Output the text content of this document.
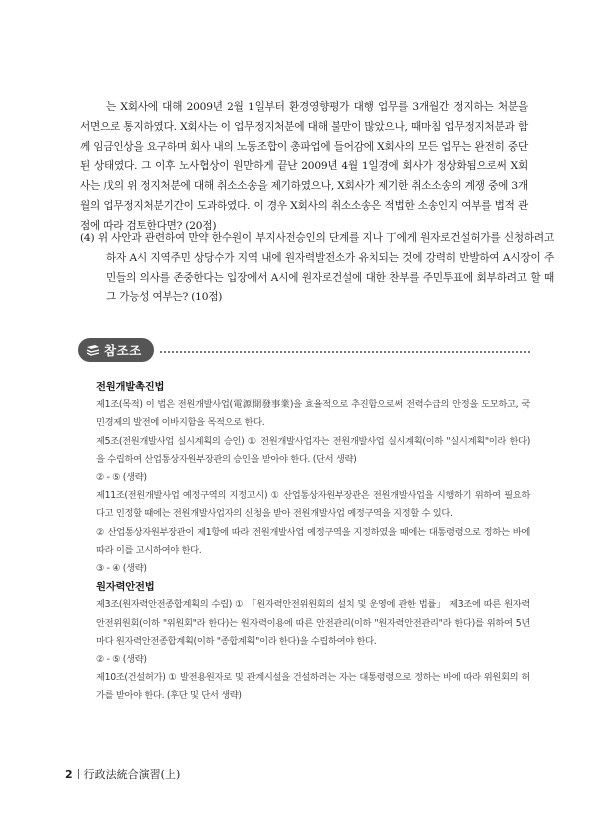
는 X회사에 대해 2009년 2월 1일부터 환경영향평가 대행 업무를 3개월간 정지하는 처분을 서면으로 통지하였다. X회사는 이 업무정지처분에 대해 불만이 많았으나, 때마침 업무정지처분과 함께 임금인상을 요구하며 회사 내의 노동조합이 총파업에 들어감에 X회사의 모든 업무는 완전히 중단된 상태였다. 그 이후 노사협상이 원만하게 끝난 2009년 4월 1일경에 회사가 정상화됨으로써 X회사는 戊의 위 정지처분에 대해 취소소송을 제기하였으나, X회사가 제기한 취소소송의 계쟁 중에 3개월의 업무정지처분기간이 도과하였다. 이 경우 X회사의 취소소송은 적법한 소송인지 여부를 법적 관점에 따라 검토한다면? (20점)

(4) 위 사안과 관련하여 만약 한수원이 부지사전승인의 단계를 지나 丁에게 원자로건설허가를 신청하려고 하자 A시 지역주민 상당수가 지역 내에 원자력발전소가 유치되는 것에 강력히 반발하여 A시장이 주민들의 의사를 존중한다는 입장에서 A시에 원자로건설에 대한 찬부를 주민투표에 회부하려고 할 때 그 가능성 여부는? (10점)

참조조문
전원개발촉진법

제1조(목적) 이 법은 전원개발사업(電源開發事業)을 효율적으로 추진함으로써 전력수급의 안정을 도모하고, 국민경제의 발전에 이바지함을 목적으로 한다.

제5조(전원개발사업 실시계획의 승인) ① 전원개발사업자는 전원개발사업 실시계획(이하 "실시계획"이라 한다)을 수립하여 산업통상자원부장관의 승인을 받아야 한다. (단서 생략)

② - ⑤ (생략)

제11조(전원개발사업 예정구역의 지정고시) ① 산업통상자원부장관은 전원개발사업을 시행하기 위하여 필요하다고 인정할 때에는 전원개발사업자의 신청을 받아 전원개발사업 예정구역을 지정할 수 있다.

② 산업통상자원부장관이 제1항에 따라 전원개발사업 예정구역을 지정하였을 때에는 대통령령으로 정하는 바에 따라 이를 고시하여야 한다.

③ - ④ (생략)

원자력안전법

제3조(원자력안전종합계획의 수립) ① 「원자력안전위원회의 설치 및 운영에 관한 법률」 제3조에 따른 원자력안전위원회(이하 "위원회"라 한다)는 원자력이용에 따른 안전관리(이하 "원자력안전관리"라 한다)를 위하여 5년마다 원자력안전종합계획(이하 "종합계획"이라 한다)을 수립하여야 한다.

② - ⑤ (생략)

제10조(건설허가) ① 발전용원자로 및 관계시설을 건설하려는 자는 대통령령으로 정하는 바에 따라 위원회의 허가를 받아야 한다. (후단 및 단서 생략)

2 行政法統合演習(上)
